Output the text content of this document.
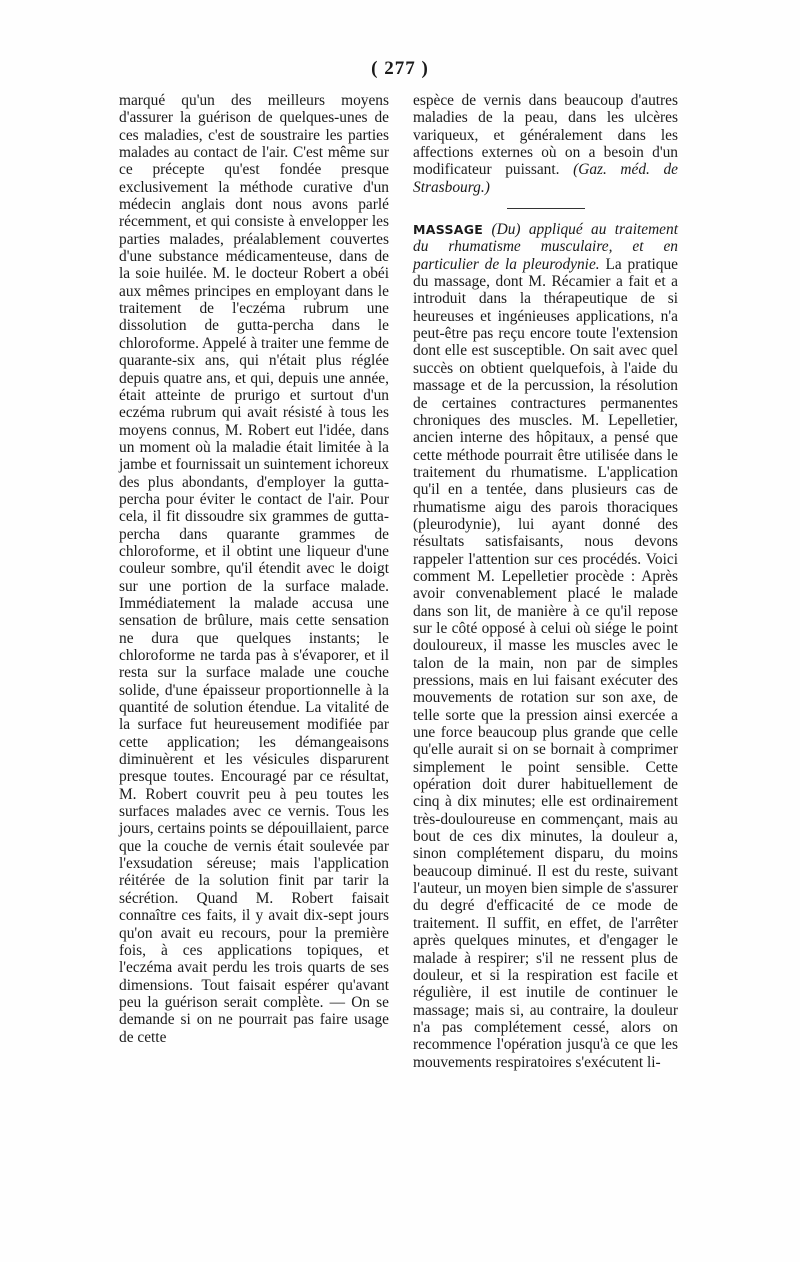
( 277 )

marqué qu'un des meilleurs moyens d'assurer la guérison de quelques-unes de ces maladies, c'est de soustraire les parties malades au contact de l'air. C'est même sur ce précepte qu'est fondée presque exclusivement la méthode curative d'un médecin anglais dont nous avons parlé récemment, et qui consiste à envelopper les parties malades, préalablement couvertes d'une substance médicamenteuse, dans de la soie huilée. M. le docteur Robert a obéi aux mêmes principes en employant dans le traitement de l'eczéma rubrum une dissolution de gutta-percha dans le chloroforme. Appelé à traiter une femme de quarante-six ans, qui n'était plus réglée depuis quatre ans, et qui, depuis une année, était atteinte de prurigo et surtout d'un eczéma rubrum qui avait résisté à tous les moyens connus, M. Robert eut l'idée, dans un moment où la maladie était limitée à la jambe et fournissait un suintement ichoreux des plus abondants, d'employer la gutta-percha pour éviter le contact de l'air. Pour cela, il fit dissoudre six grammes de gutta-percha dans quarante grammes de chloroforme, et il obtint une liqueur d'une couleur sombre, qu'il étendit avec le doigt sur une portion de la surface malade. Immédiatement la malade accusa une sensation de brûlure, mais cette sensation ne dura que quelques instants; le chloroforme ne tarda pas à s'évaporer, et il resta sur la surface malade une couche solide, d'une épaisseur proportionnelle à la quantité de solution étendue. La vitalité de la surface fut heureusement modifiée par cette application; les démangeaisons diminuèrent et les vésicules disparurent presque toutes. Encouragé par ce résultat, M. Robert couvrit peu à peu toutes les surfaces malades avec ce vernis. Tous les jours, certains points se dépouillaient, parce que la couche de vernis était soulevée par l'exsudation séreuse; mais l'application réitérée de la solution finit par tarir la sécrétion. Quand M. Robert faisait connaître ces faits, il y avait dix-sept jours qu'on avait eu recours, pour la première fois, à ces applications topiques, et l'eczéma avait perdu les trois quarts de ses dimensions. Tout faisait espérer qu'avant peu la guérison serait complète. — On se demande si on ne pourrait pas faire usage de cette

espèce de vernis dans beaucoup d'autres maladies de la peau, dans les ulcères variqueux, et généralement dans les affections externes où on a besoin d'un modificateur puissant. (Gaz. méd. de Strasbourg.)

MASSAGE (Du) appliqué au traitement du rhumatisme musculaire, et en particulier de la pleurodynie. La pratique du massage, dont M. Récamier a fait et a introduit dans la thérapeutique de si heureuses et ingénieuses applications, n'a peut-être pas reçu encore toute l'extension dont elle est susceptible. On sait avec quel succès on obtient quelquefois, à l'aide du massage et de la percussion, la résolution de certaines contractures permanentes chroniques des muscles. M. Lepelletier, ancien interne des hôpitaux, a pensé que cette méthode pourrait être utilisée dans le traitement du rhumatisme. L'application qu'il en a tentée, dans plusieurs cas de rhumatisme aigu des parois thoraciques (pleurodynie), lui ayant donné des résultats satisfaisants, nous devons rappeler l'attention sur ces procédés. Voici comment M. Lepelletier procède : Après avoir convenablement placé le malade dans son lit, de manière à ce qu'il repose sur le côté opposé à celui où siége le point douloureux, il masse les muscles avec le talon de la main, non par de simples pressions, mais en lui faisant exécuter des mouvements de rotation sur son axe, de telle sorte que la pression ainsi exercée a une force beaucoup plus grande que celle qu'elle aurait si on se bornait à comprimer simplement le point sensible. Cette opération doit durer habituellement de cinq à dix minutes; elle est ordinairement très-douloureuse en commençant, mais au bout de ces dix minutes, la douleur a, sinon complétement disparu, du moins beaucoup diminué. Il est du reste, suivant l'auteur, un moyen bien simple de s'assurer du degré d'efficacité de ce mode de traitement. Il suffit, en effet, de l'arrêter après quelques minutes, et d'engager le malade à respirer; s'il ne ressent plus de douleur, et si la respiration est facile et régulière, il est inutile de continuer le massage; mais si, au contraire, la douleur n'a pas complétement cessé, alors on recommence l'opération jusqu'à ce que les mouvements respiratoires s'exécutent li-
